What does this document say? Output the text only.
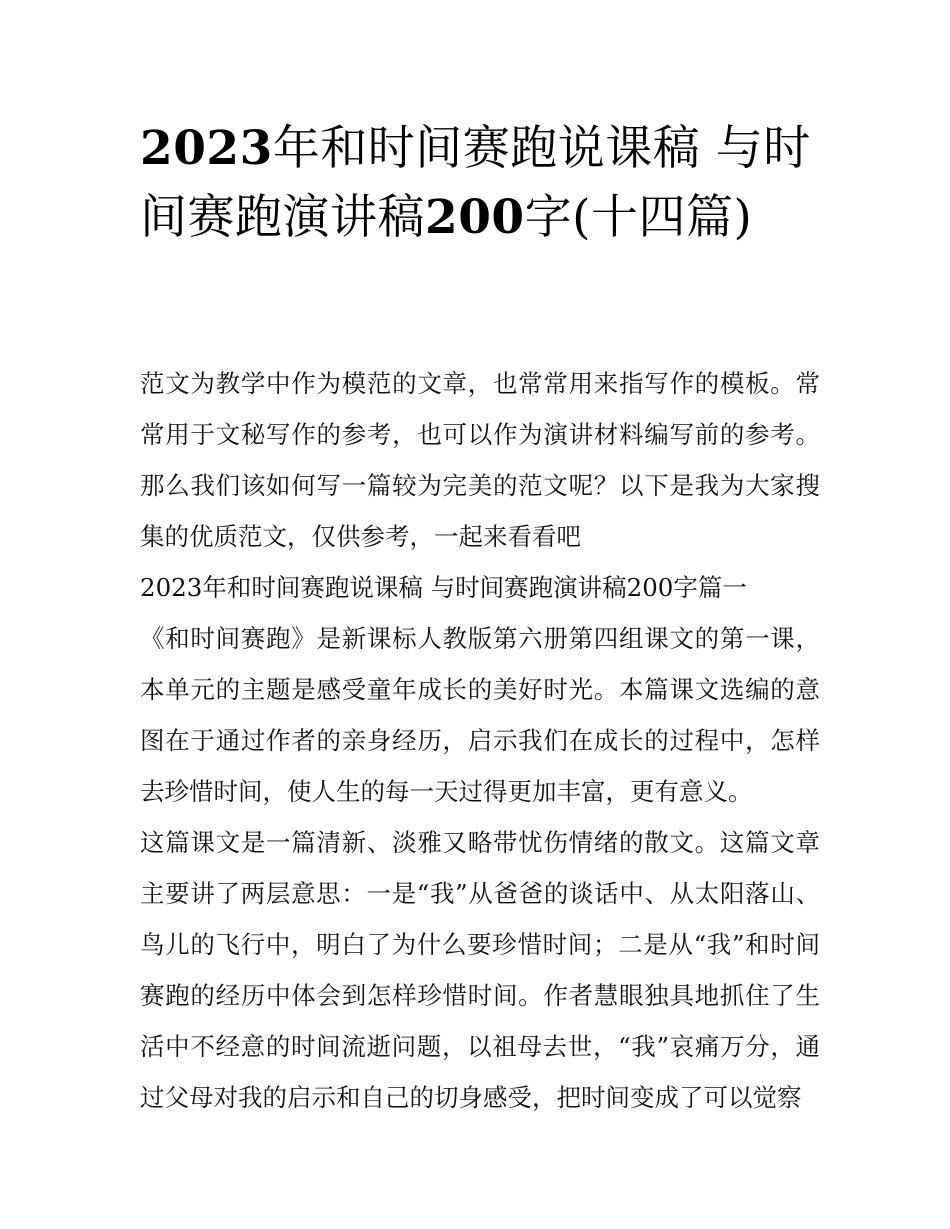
2023年和时间赛跑说课稿 与时间赛跑演讲稿200字(十四篇)

范文为教学中作为模范的文章，也常常用来指写作的模板。常常用于文秘写作的参考，也可以作为演讲材料编写前的参考。那么我们该如何写一篇较为完美的范文呢？以下是我为大家搜集的优质范文，仅供参考，一起来看看吧

2023年和时间赛跑说课稿 与时间赛跑演讲稿200字篇一

《和时间赛跑》是新课标人教版第六册第四组课文的第一课，本单元的主题是感受童年成长的美好时光。本篇课文选编的意图在于通过作者的亲身经历，启示我们在成长的过程中，怎样去珍惜时间，使人生的每一天过得更加丰富，更有意义。

这篇课文是一篇清新、淡雅又略带忧伤情绪的散文。这篇文章主要讲了两层意思：一是“我”从爸爸的谈话中、从太阳落山、鸟儿的飞行中，明白了为什么要珍惜时间；二是从“我”和时间赛跑的经历中体会到怎样珍惜时间。作者慧眼独具地抓住了生活中不经意的时间流逝问题，以祖母去世，“我”哀痛万分，通过父母对我的启示和自己的切身感受，把时间变成了可以觉察
